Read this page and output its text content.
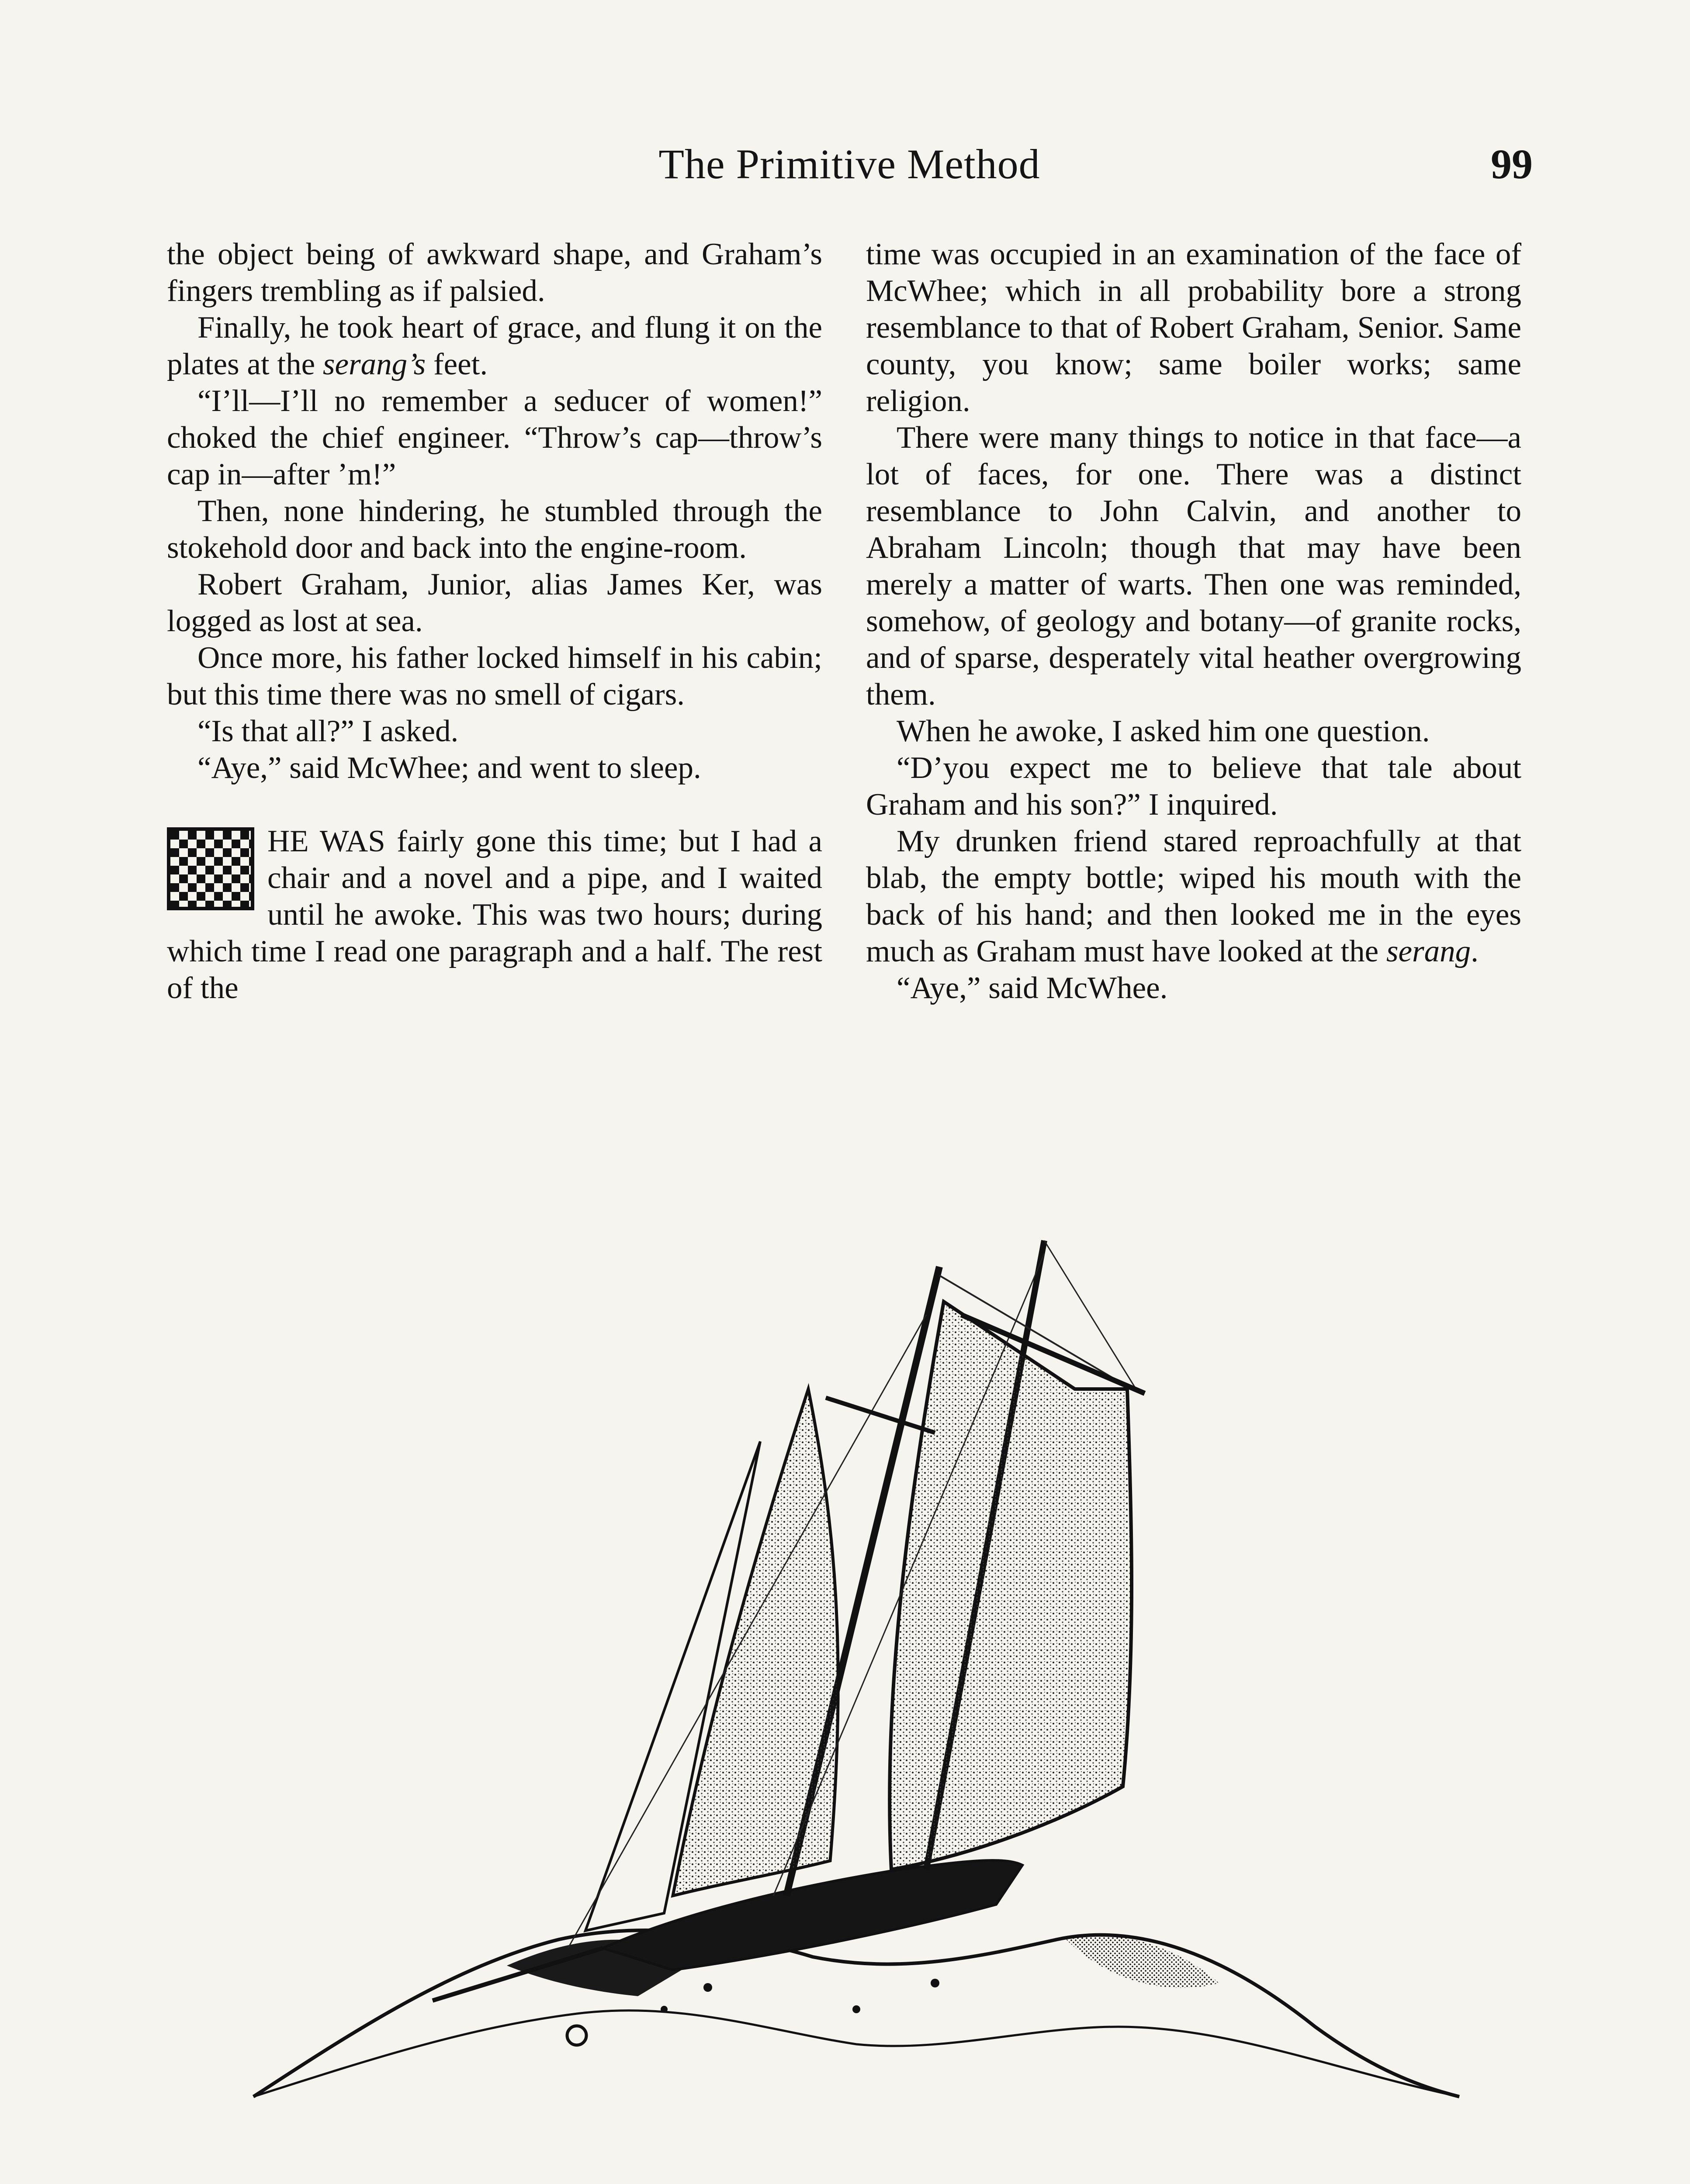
The Primitive Method	99

the object being of awkward shape, and Graham’s fingers trembling as if palsied.

Finally, he took heart of grace, and flung it on the plates at the serang’s feet.

“I’ll—I’ll no remember a seducer of women!” choked the chief engineer. “Throw’s cap—throw’s cap in—after ’m!”

Then, none hindering, he stumbled through the stokehold door and back into the engine-room.

Robert Graham, Junior, alias James Ker, was logged as lost at sea.

Once more, his father locked himself in his cabin; but this time there was no smell of cigars.

“Is that all?” I asked.

“Aye,” said McWhee; and went to sleep.

HE WAS fairly gone this time; but I had a chair and a novel and a pipe, and I waited until he awoke. This was two hours; during which time I read one paragraph and a half. The rest of the

time was occupied in an examination of the face of McWhee; which in all probability bore a strong resemblance to that of Robert Graham, Senior. Same county, you know; same boiler works; same religion.

There were many things to notice in that face—a lot of faces, for one. There was a distinct resemblance to John Calvin, and another to Abraham Lincoln; though that may have been merely a matter of warts. Then one was reminded, somehow, of geology and botany—of granite rocks, and of sparse, desperately vital heather overgrowing them.

When he awoke, I asked him one question.

“D’you expect me to believe that tale about Graham and his son?” I inquired.

My drunken friend stared reproachfully at that blab, the empty bottle; wiped his mouth with the back of his hand; and then looked me in the eyes much as Graham must have looked at the serang.

“Aye,” said McWhee.
